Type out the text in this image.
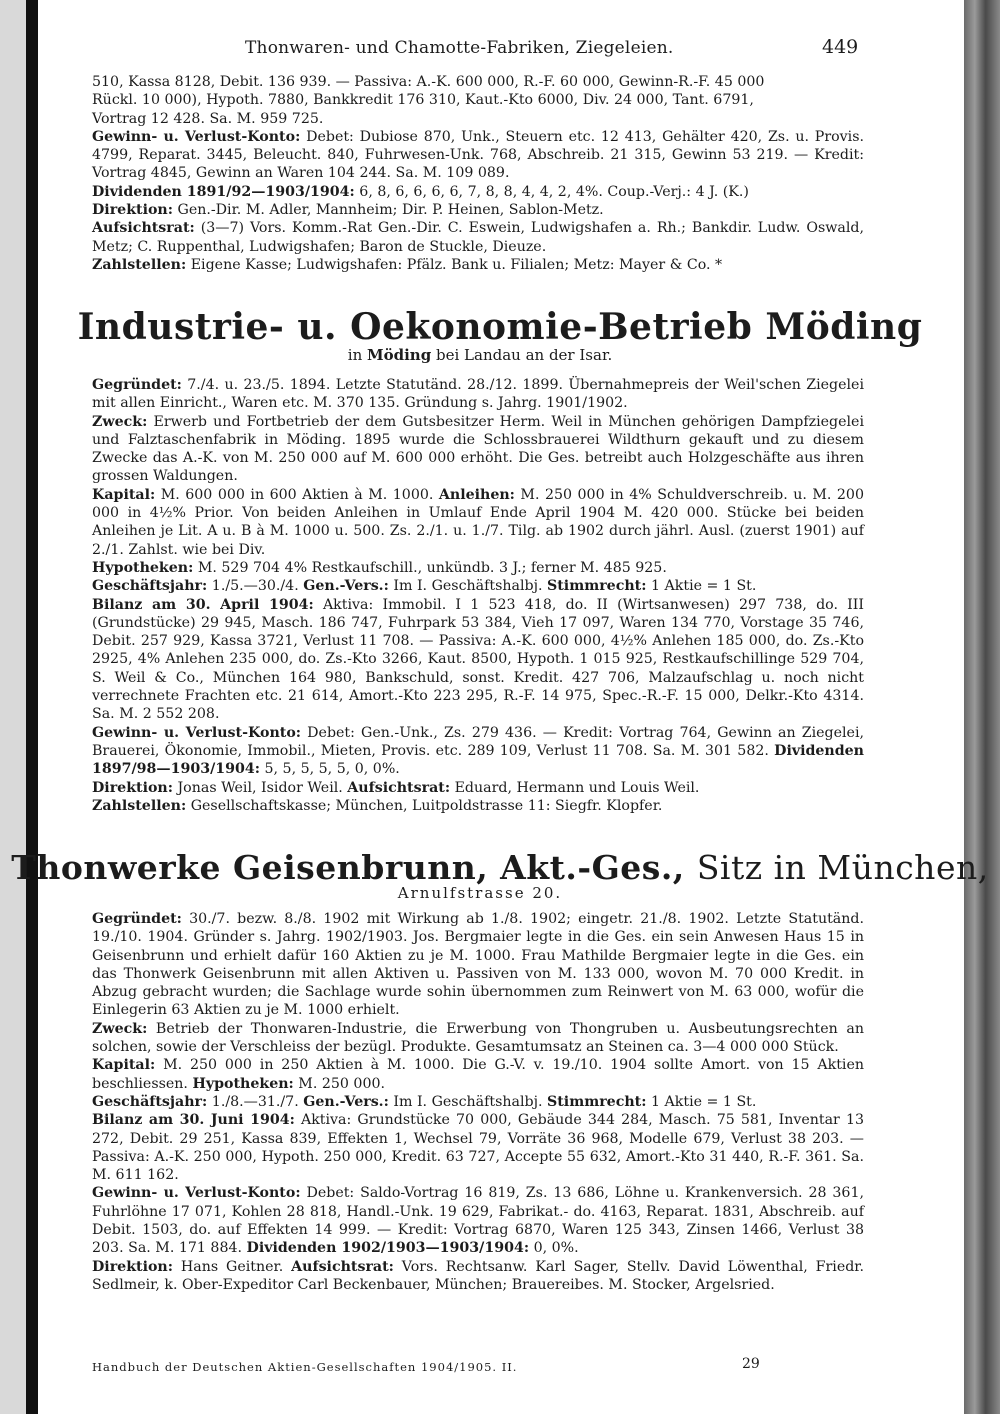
Thonwaren- und Chamotte-Fabriken, Ziegeleien.	449

510, Kassa 8128, Debit. 136 939. — Passiva: A.-K. 600 000, R.-F. 60 000, Gewinn-R.-F. 45 000

Rückl. 10 000), Hypoth. 7880, Bankkredit 176 310, Kaut.-Kto 6000, Div. 24 000, Tant. 6791,

Vortrag 12 428. Sa. M. 959 725.

Gewinn- u. Verlust-Konto: Debet: Dubiose 870, Unk., Steuern etc. 12 413, Gehälter 420, Zs. u. Provis. 4799, Reparat. 3445, Beleucht. 840, Fuhrwesen-Unk. 768, Abschreib. 21 315, Gewinn 53 219. — Kredit: Vortrag 4845, Gewinn an Waren 104 244. Sa. M. 109 089.

Dividenden 1891/92—1903/1904: 6, 8, 6, 6, 6, 6, 7, 8, 8, 4, 4, 2, 4%. Coup.-Verj.: 4 J. (K.)

Direktion: Gen.-Dir. M. Adler, Mannheim; Dir. P. Heinen, Sablon-Metz.

Aufsichtsrat: (3—7) Vors. Komm.-Rat Gen.-Dir. C. Eswein, Ludwigshafen a. Rh.; Bankdir. Ludw. Oswald, Metz; C. Ruppenthal, Ludwigshafen; Baron de Stuckle, Dieuze.

Zahlstellen: Eigene Kasse; Ludwigshafen: Pfälz. Bank u. Filialen; Metz: Mayer & Co. *

Industrie- u. Oekonomie-Betrieb Möding
in Möding bei Landau an der Isar.

Gegründet: 7./4. u. 23./5. 1894. Letzte Statutänd. 28./12. 1899. Übernahmepreis der Weil'schen Ziegelei mit allen Einricht., Waren etc. M. 370 135. Gründung s. Jahrg. 1901/1902.

Zweck: Erwerb und Fortbetrieb der dem Gutsbesitzer Herm. Weil in München gehörigen Dampfziegelei und Falztaschenfabrik in Möding. 1895 wurde die Schlossbrauerei Wildthurn gekauft und zu diesem Zwecke das A.-K. von M. 250 000 auf M. 600 000 erhöht. Die Ges. betreibt auch Holzgeschäfte aus ihren grossen Waldungen.

Kapital: M. 600 000 in 600 Aktien à M. 1000. Anleihen: M. 250 000 in 4% Schuldverschreib. u. M. 200 000 in 4½% Prior. Von beiden Anleihen in Umlauf Ende April 1904 M. 420 000. Stücke bei beiden Anleihen je Lit. A u. B à M. 1000 u. 500. Zs. 2./1. u. 1./7. Tilg. ab 1902 durch jährl. Ausl. (zuerst 1901) auf 2./1. Zahlst. wie bei Div.

Hypotheken: M. 529 704 4% Restkaufschill., unkündb. 3 J.; ferner M. 485 925.

Geschäftsjahr: 1./5.—30./4. Gen.-Vers.: Im I. Geschäftshalbj. Stimmrecht: 1 Aktie = 1 St.

Bilanz am 30. April 1904: Aktiva: Immobil. I 1 523 418, do. II (Wirtsanwesen) 297 738, do. III (Grundstücke) 29 945, Masch. 186 747, Fuhrpark 53 384, Vieh 17 097, Waren 134 770, Vorstage 35 746, Debit. 257 929, Kassa 3721, Verlust 11 708. — Passiva: A.-K. 600 000, 4½% Anlehen 185 000, do. Zs.-Kto 2925, 4% Anlehen 235 000, do. Zs.-Kto 3266, Kaut. 8500, Hypoth. 1 015 925, Restkaufschillinge 529 704, S. Weil & Co., München 164 980, Bankschuld, sonst. Kredit. 427 706, Malzaufschlag u. noch nicht verrechnete Frachten etc. 21 614, Amort.-Kto 223 295, R.-F. 14 975, Spec.-R.-F. 15 000, Delkr.-Kto 4314. Sa. M. 2 552 208.

Gewinn- u. Verlust-Konto: Debet: Gen.-Unk., Zs. 279 436. — Kredit: Vortrag 764, Gewinn an Ziegelei, Brauerei, Ökonomie, Immobil., Mieten, Provis. etc. 289 109, Verlust 11 708. Sa. M. 301 582. Dividenden 1897/98—1903/1904: 5, 5, 5, 5, 5, 0, 0%.

Direktion: Jonas Weil, Isidor Weil. Aufsichtsrat: Eduard, Hermann und Louis Weil.

Zahlstellen: Gesellschaftskasse; München, Luitpoldstrasse 11: Siegfr. Klopfer.

Thonwerke Geisenbrunn, Akt.-Ges., Sitz in München,
Arnulfstrasse 20.

Gegründet: 30./7. bezw. 8./8. 1902 mit Wirkung ab 1./8. 1902; eingetr. 21./8. 1902. Letzte Statutänd. 19./10. 1904. Gründer s. Jahrg. 1902/1903. Jos. Bergmaier legte in die Ges. ein sein Anwesen Haus 15 in Geisenbrunn und erhielt dafür 160 Aktien zu je M. 1000. Frau Mathilde Bergmaier legte in die Ges. ein das Thonwerk Geisenbrunn mit allen Aktiven u. Passiven von M. 133 000, wovon M. 70 000 Kredit. in Abzug gebracht wurden; die Sachlage wurde sohin übernommen zum Reinwert von M. 63 000, wofür die Einlegerin 63 Aktien zu je M. 1000 erhielt.

Zweck: Betrieb der Thonwaren-Industrie, die Erwerbung von Thongruben u. Ausbeutungsrechten an solchen, sowie der Verschleiss der bezügl. Produkte. Gesamtumsatz an Steinen ca. 3—4 000 000 Stück.

Kapital: M. 250 000 in 250 Aktien à M. 1000. Die G.-V. v. 19./10. 1904 sollte Amort. von 15 Aktien beschliessen. Hypotheken: M. 250 000.

Geschäftsjahr: 1./8.—31./7. Gen.-Vers.: Im I. Geschäftshalbj. Stimmrecht: 1 Aktie = 1 St.

Bilanz am 30. Juni 1904: Aktiva: Grundstücke 70 000, Gebäude 344 284, Masch. 75 581, Inventar 13 272, Debit. 29 251, Kassa 839, Effekten 1, Wechsel 79, Vorräte 36 968, Modelle 679, Verlust 38 203. — Passiva: A.-K. 250 000, Hypoth. 250 000, Kredit. 63 727, Accepte 55 632, Amort.-Kto 31 440, R.-F. 361. Sa. M. 611 162.

Gewinn- u. Verlust-Konto: Debet: Saldo-Vortrag 16 819, Zs. 13 686, Löhne u. Krankenversich. 28 361, Fuhrlöhne 17 071, Kohlen 28 818, Handl.-Unk. 19 629, Fabrikat.- do. 4163, Reparat. 1831, Abschreib. auf Debit. 1503, do. auf Effekten 14 999. — Kredit: Vortrag 6870, Waren 125 343, Zinsen 1466, Verlust 38 203. Sa. M. 171 884. Dividenden 1902/1903—1903/1904: 0, 0%.

Direktion: Hans Geitner. Aufsichtsrat: Vors. Rechtsanw. Karl Sager, Stellv. David Löwenthal, Friedr. Sedlmeir, k. Ober-Expeditor Carl Beckenbauer, München; Brauereibes. M. Stocker, Argelsried.

Handbuch der Deutschen Aktien-Gesellschaften 1904/1905. II.	29
